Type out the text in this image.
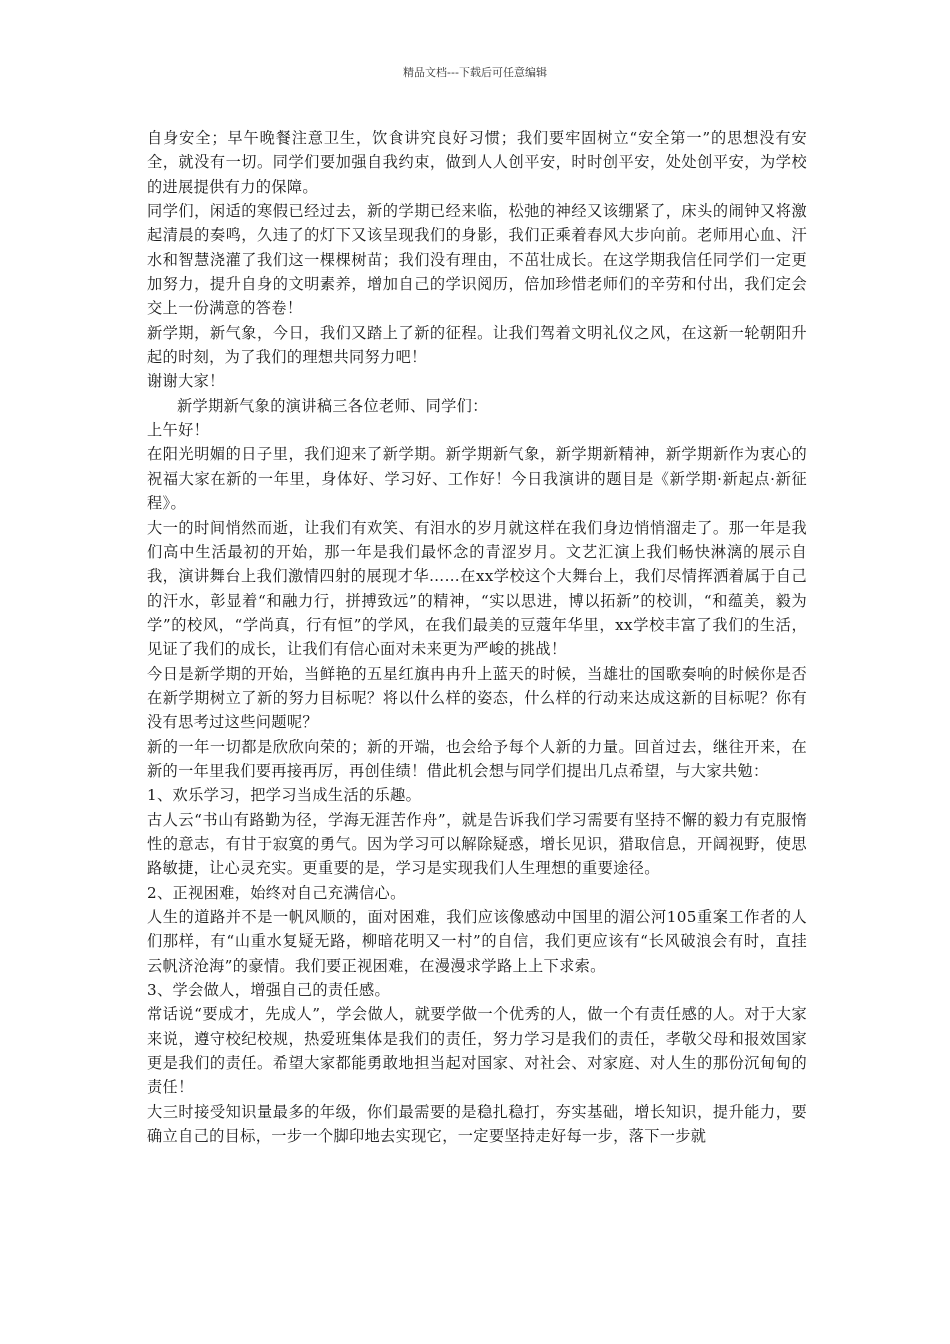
精品文档---下载后可任意编辑

自身安全；早午晚餐注意卫生，饮食讲究良好习惯；我们要牢固树立“安全第一”的思想没有安全，就没有一切。同学们要加强自我约束，做到人人创平安，时时创平安，处处创平安，为学校的进展提供有力的保障。

同学们，闲适的寒假已经过去，新的学期已经来临，松弛的神经又该绷紧了，床头的闹钟又将激起清晨的奏鸣，久违了的灯下又该呈现我们的身影，我们正乘着春风大步向前。老师用心血、汗水和智慧浇灌了我们这一棵棵树苗；我们没有理由，不茁壮成长。在这学期我信任同学们一定更加努力，提升自身的文明素养，增加自己的学识阅历，倍加珍惜老师们的辛劳和付出，我们定会交上一份满意的答卷！

新学期，新气象，今日，我们又踏上了新的征程。让我们驾着文明礼仪之风，在这新一轮朝阳升起的时刻，为了我们的理想共同努力吧！

谢谢大家！

新学期新气象的演讲稿三各位老师、同学们：

上午好！

在阳光明媚的日子里，我们迎来了新学期。新学期新气象，新学期新精神，新学期新作为衷心的祝福大家在新的一年里，身体好、学习好、工作好！今日我演讲的题目是《新学期·新起点·新征程》。

大一的时间悄然而逝，让我们有欢笑、有泪水的岁月就这样在我们身边悄悄溜走了。那一年是我们高中生活最初的开始，那一年是我们最怀念的青涩岁月。文艺汇演上我们畅快淋漓的展示自我，演讲舞台上我们激情四射的展现才华……在xx学校这个大舞台上，我们尽情挥洒着属于自己的汗水，彰显着“和融力行，拼搏致远”的精神，“实以思进，博以拓新”的校训，“和蕴美，毅为学”的校风，“学尚真，行有恒”的学风，在我们最美的豆蔻年华里，xx学校丰富了我们的生活，见证了我们的成长，让我们有信心面对未来更为严峻的挑战！

今日是新学期的开始，当鲜艳的五星红旗冉冉升上蓝天的时候，当雄壮的国歌奏响的时候你是否在新学期树立了新的努力目标呢？将以什么样的姿态，什么样的行动来达成这新的目标呢？你有没有思考过这些问题呢？

新的一年一切都是欣欣向荣的；新的开端，也会给予每个人新的力量。回首过去，继往开来，在新的一年里我们要再接再厉，再创佳绩！借此机会想与同学们提出几点希望，与大家共勉：

1、欢乐学习，把学习当成生活的乐趣。

古人云“书山有路勤为径，学海无涯苦作舟”，就是告诉我们学习需要有坚持不懈的毅力有克服惰性的意志，有甘于寂寞的勇气。因为学习可以解除疑惑，增长见识，猎取信息，开阔视野，使思路敏捷，让心灵充实。更重要的是，学习是实现我们人生理想的重要途径。

2、正视困难，始终对自己充满信心。

人生的道路并不是一帆风顺的，面对困难，我们应该像感动中国里的湄公河105重案工作者的人们那样，有“山重水复疑无路，柳暗花明又一村”的自信，我们更应该有“长风破浪会有时，直挂云帆济沧海”的豪情。我们要正视困难，在漫漫求学路上上下求索。

3、学会做人，增强自己的责任感。

常话说“要成才，先成人”，学会做人，就要学做一个优秀的人，做一个有责任感的人。对于大家来说，遵守校纪校规，热爱班集体是我们的责任，努力学习是我们的责任，孝敬父母和报效国家更是我们的责任。希望大家都能勇敢地担当起对国家、对社会、对家庭、对人生的那份沉甸甸的责任！

大三时接受知识量最多的年级，你们最需要的是稳扎稳打，夯实基础，增长知识，提升能力，要确立自己的目标，一步一个脚印地去实现它，一定要坚持走好每一步，落下一步就
